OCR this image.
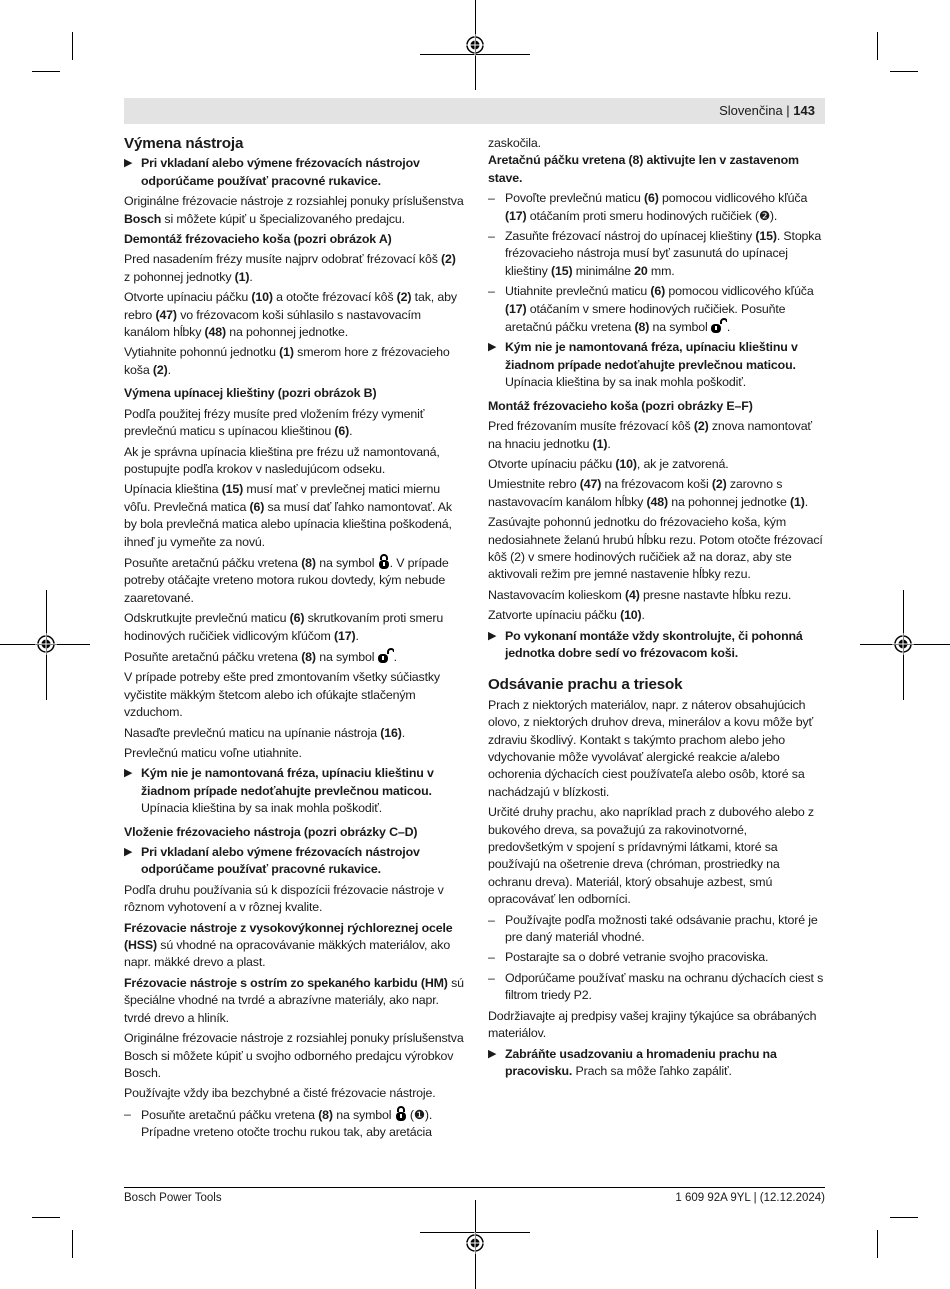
Slovenčina | 143

Výmena nástroja

▶ Pri vkladaní alebo výmene frézovacích nástrojov odporúčame používať pracovné rukavice.

Originálne frézovacie nástroje z rozsiahlej ponuky príslušenstva Bosch si môžete kúpiť u špecializovaného predajcu.

Demontáž frézovacieho koša (pozri obrázok A)

Pred nasadením frézy musíte najprv odobrať frézovací kôš (2) z pohonnej jednotky (1).

Otvorte upínaciu páčku (10) a otočte frézovací kôš (2) tak, aby rebro (47) vo frézovacom koši súhlasilo s nastavovacím kanálom hĺbky (48) na pohonnej jednotke.

Vytiahnite pohonnú jednotku (1) smerom hore z frézovacieho koša (2).

Výmena upínacej klieštiny (pozri obrázok B)

Podľa použitej frézy musíte pred vložením frézy vymeniť prevlečnú maticu s upínacou klieštinou (6).

Ak je správna upínacia klieština pre frézu už namontovaná, postupujte podľa krokov v nasledujúcom odseku.

Upínacia klieština (15) musí mať v prevlečnej matici miernu vôľu. Prevlečná matica (6) sa musí dať ľahko namontovať. Ak by bola prevlečná matica alebo upínacia klieština poškodená, ihneď ju vymeňte za novú.

Posuňte aretačnú páčku vretena (8) na symbol . V prípade potreby otáčajte vreteno motora rukou dovtedy, kým nebude zaaretované.

Odskrutkujte prevlečnú maticu (6) skrutkovaním proti smeru hodinových ručičiek vidlicovým kľúčom (17).

Posuňte aretačnú páčku vretena (8) na symbol .

V prípade potreby ešte pred zmontovaním všetky súčiastky vyčistite mäkkým štetcom alebo ich ofúkajte stlačeným vzduchom.

Nasaďte prevlečnú maticu na upínanie nástroja (16).

Prevlečnú maticu voľne utiahnite.

▶ Kým nie je namontovaná fréza, upínaciu klieštinu v žiadnom prípade nedoťahujte prevlečnou maticou. Upínacia klieština by sa inak mohla poškodiť.

Vloženie frézovacieho nástroja (pozri obrázky C–D)

▶ Pri vkladaní alebo výmene frézovacích nástrojov odporúčame používať pracovné rukavice.

Podľa druhu používania sú k dispozícii frézovacie nástroje v rôznom vyhotovení a v rôznej kvalite.

Frézovacie nástroje z vysokovýkonnej rýchloreznej ocele (HSS) sú vhodné na opracovávanie mäkkých materiálov, ako napr. mäkké drevo a plast.

Frézovacie nástroje s ostrím zo spekaného karbidu (HM) sú špeciálne vhodné na tvrdé a abrazívne materiály, ako napr. tvrdé drevo a hliník.

Originálne frézovacie nástroje z rozsiahlej ponuky príslušenstva Bosch si môžete kúpiť u svojho odborného predajcu výrobkov Bosch.

Používajte vždy iba bezchybné a čisté frézovacie nástroje.

– Posuňte aretačnú páčku vretena (8) na symbol  (❶). Prípadne vreteno otočte trochu rukou tak, aby aretácia

zaskočila.

Aretačnú páčku vretena (8) aktivujte len v zastavenom stave.

– Povoľte prevlečnú maticu (6) pomocou vidlicového kľúča (17) otáčaním proti smeru hodinových ručičiek (❷).

– Zasuňte frézovací nástroj do upínacej klieštiny (15). Stopka frézovacieho nástroja musí byť zasunutá do upínacej klieštiny (15) minimálne 20 mm.

– Utiahnite prevlečnú maticu (6) pomocou vidlicového kľúča (17) otáčaním v smere hodinových ručičiek. Posuňte aretačnú páčku vretena (8) na symbol .

▶ Kým nie je namontovaná fréza, upínaciu klieštinu v žiadnom prípade nedoťahujte prevlečnou maticou. Upínacia klieština by sa inak mohla poškodiť.

Montáž frézovacieho koša (pozri obrázky E–F)

Pred frézovaním musíte frézovací kôš (2) znova namontovať na hnaciu jednotku (1).

Otvorte upínaciu páčku (10), ak je zatvorená.

Umiestnite rebro (47) na frézovacom koši (2) zarovno s nastavovacím kanálom hĺbky (48) na pohonnej jednotke (1).

Zasúvajte pohonnú jednotku do frézovacieho koša, kým nedosiahnete želanú hrubú hĺbku rezu. Potom otočte frézovací kôš (2) v smere hodinových ručičiek až na doraz, aby ste aktivovali režim pre jemné nastavenie hĺbky rezu.

Nastavovacím kolieskom (4) presne nastavte hĺbku rezu.

Zatvorte upínaciu páčku (10).

▶ Po vykonaní montáže vždy skontrolujte, či pohonná jednotka dobre sedí vo frézovacom koši.

Odsávanie prachu a triesok

Prach z niektorých materiálov, napr. z náterov obsahujúcich olovo, z niektorých druhov dreva, minerálov a kovu môže byť zdraviu škodlivý. Kontakt s takýmto prachom alebo jeho vdychovanie môže vyvolávať alergické reakcie a/alebo ochorenia dýchacích ciest používateľa alebo osôb, ktoré sa nachádzajú v blízkosti.

Určité druhy prachu, ako napríklad prach z dubového alebo z bukového dreva, sa považujú za rakovinotvorné, predovšetkým v spojení s prídavnými látkami, ktoré sa používajú na ošetrenie dreva (chróman, prostriedky na ochranu dreva). Materiál, ktorý obsahuje azbest, smú opracovávať len odborníci.

– Používajte podľa možnosti také odsávanie prachu, ktoré je pre daný materiál vhodné.

– Postarajte sa o dobré vetranie svojho pracoviska.

– Odporúčame používať masku na ochranu dýchacích ciest s filtrom triedy P2.

Dodržiavajte aj predpisy vašej krajiny týkajúce sa obrábaných materiálov.

▶ Zabráňte usadzovaniu a hromadeniu prachu na pracovisku. Prach sa môže ľahko zapáliť.

Bosch Power Tools	1 609 92A 9YL | (12.12.2024)
